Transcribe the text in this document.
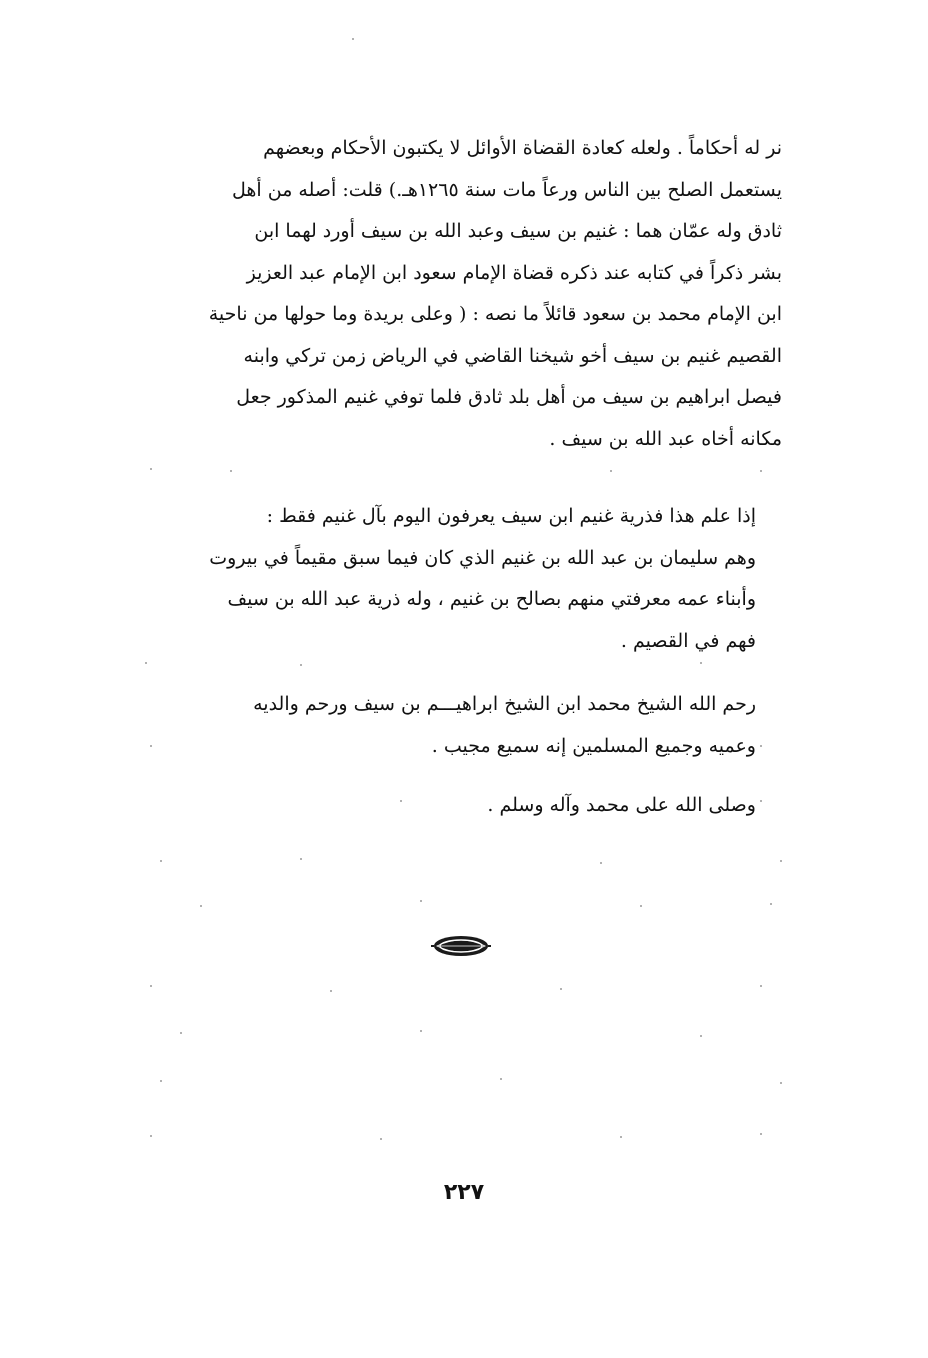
نر له أحكاماً . ولعله كعادة القضاة الأوائل لا يكتبون الأحكام وبعضهم
يستعمل الصلح بين الناس ورعاً مات سنة ١٢٦٥هـ.) قلت: أصله من أهل
ثادق وله عمّان هما : غنيم بن سيف وعبد الله بن سيف أورد لهما ابن
بشر ذكراً في كتابه عند ذكره قضاة الإمام سعود ابن الإمام عبد العزيز
ابن الإمام محمد بن سعود قائلاً ما نصه : ( وعلى بريدة وما حولها من ناحية
القصيم غنيم بن سيف أخو شيخنا القاضي في الرياض زمن تركي وابنه
فيصل ابراهيم بن سيف من أهل بلد ثادق فلما توفي غنيم المذكور جعل
مكانه أخاه عبد الله بن سيف .
إذا علم هذا فذرية غنيم ابن سيف يعرفون اليوم بآل غنيم فقط :
وهم سليمان بن عبد الله بن غنيم الذي كان فيما سبق مقيماً في بيروت
وأبناء عمه معرفتي منهم بصالح بن غنيم ، وله ذرية عبد الله بن سيف
فهم في القصيم .
رحم الله الشيخ محمد ابن الشيخ ابراهيـــم بن سيف ورحم والديه
وعميه وجميع المسلمين إنه سميع مجيب .
وصلى الله على محمد وآله وسلم .
٢٢٧
